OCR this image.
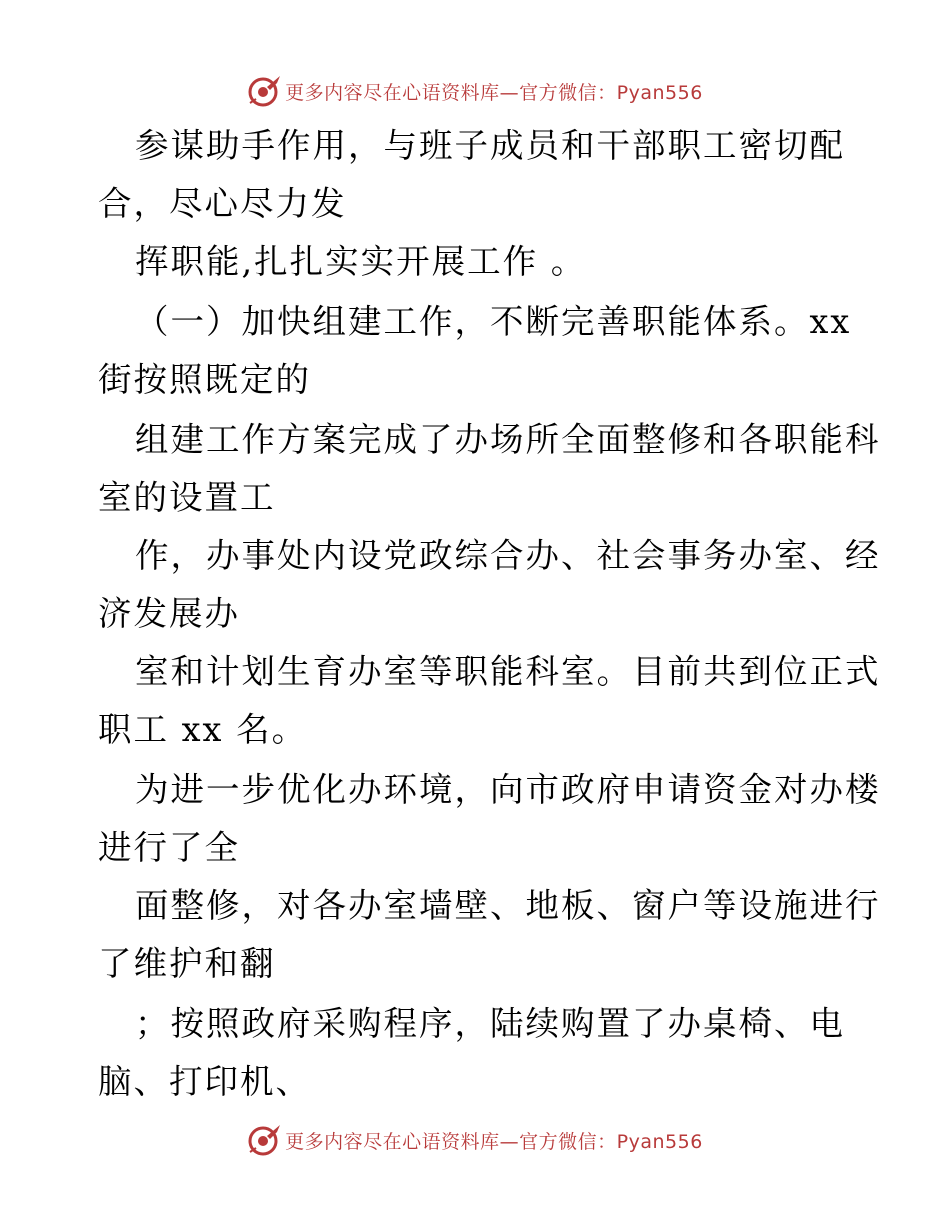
更多内容尽在心语资料库—官方微信：Pyan556
参谋助手作用，与班子成员和干部职工密切配
合，尽心尽力发
挥职能,扎扎实实开展工作 。
（一）加快组建工作，不断完善职能体系。xx
街按照既定的
组建工作方案完成了办场所全面整修和各职能科
室的设置工
作，办事处内设党政综合办、社会事务办室、经
济发展办
室和计划生育办室等职能科室。目前共到位正式
职工 xx 名。
为进一步优化办环境，向市政府申请资金对办楼
进行了全
面整修，对各办室墙壁、地板、窗户等设施进行
了维护和翻
；按照政府采购程序，陆续购置了办桌椅、电
脑、打印机、
更多内容尽在心语资料库—官方微信：Pyan556
